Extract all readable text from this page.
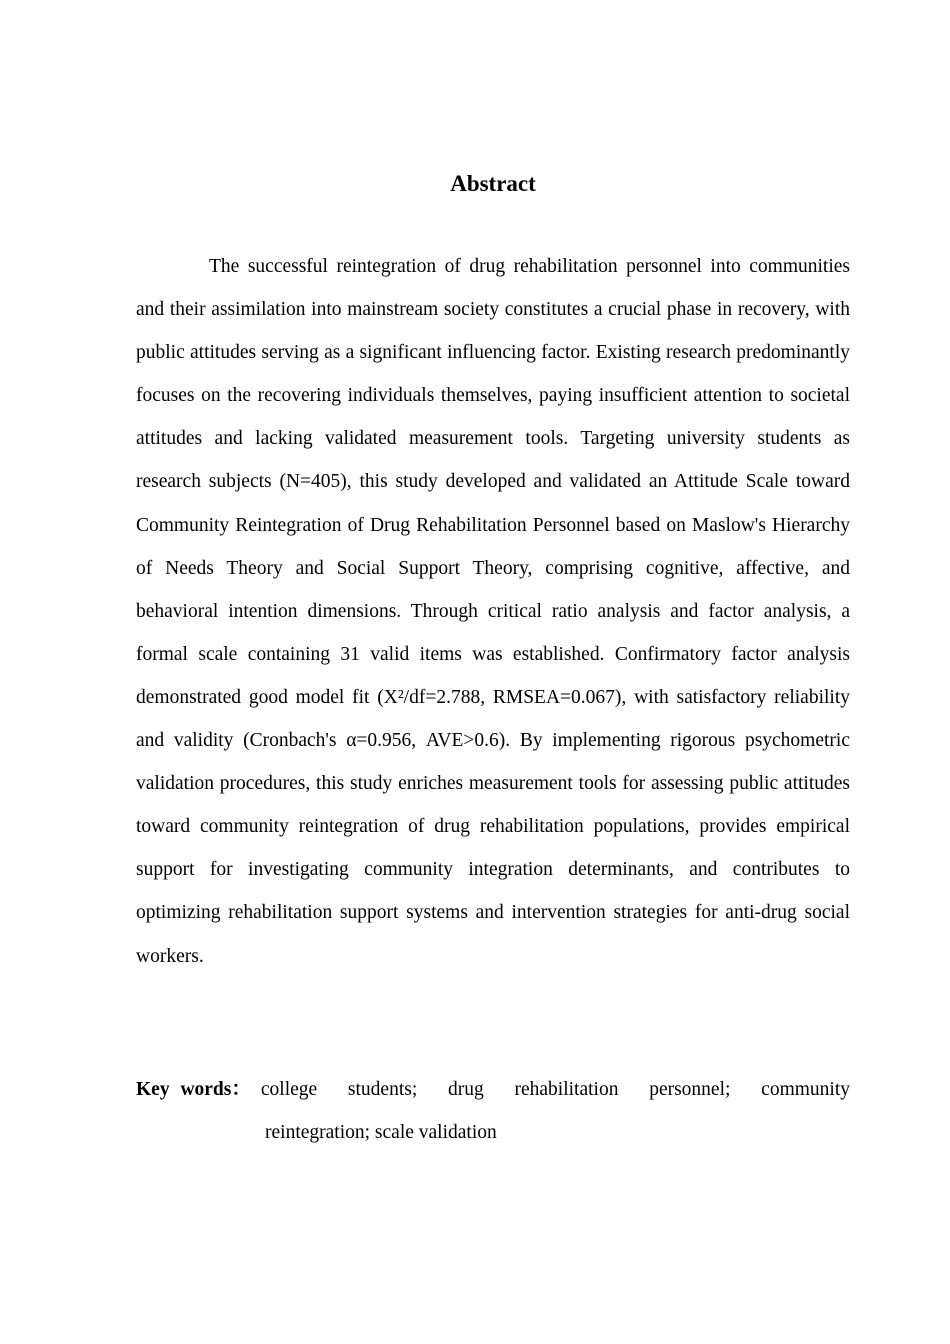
Abstract

The successful reintegration of drug rehabilitation personnel into communities and their assimilation into mainstream society constitutes a crucial phase in recovery, with public attitudes serving as a significant influencing factor. Existing research predominantly focuses on the recovering individuals themselves, paying insufficient attention to societal attitudes and lacking validated measurement tools. Targeting university students as research subjects (N=405), this study developed and validated an Attitude Scale toward Community Reintegration of Drug Rehabilitation Personnel based on Maslow's Hierarchy of Needs Theory and Social Support Theory, comprising cognitive, affective, and behavioral intention dimensions. Through critical ratio analysis and factor analysis, a formal scale containing 31 valid items was established. Confirmatory factor analysis demonstrated good model fit (X²/df=2.788, RMSEA=0.067), with satisfactory reliability and validity (Cronbach's α=0.956, AVE>0.6). By implementing rigorous psychometric validation procedures, this study enriches measurement tools for assessing public attitudes toward community reintegration of drug rehabilitation populations, provides empirical support for investigating community integration determinants, and contributes to optimizing rehabilitation support systems and intervention strategies for anti-drug social workers.

Key words： college students; drug rehabilitation personnel; community
reintegration; scale validation
